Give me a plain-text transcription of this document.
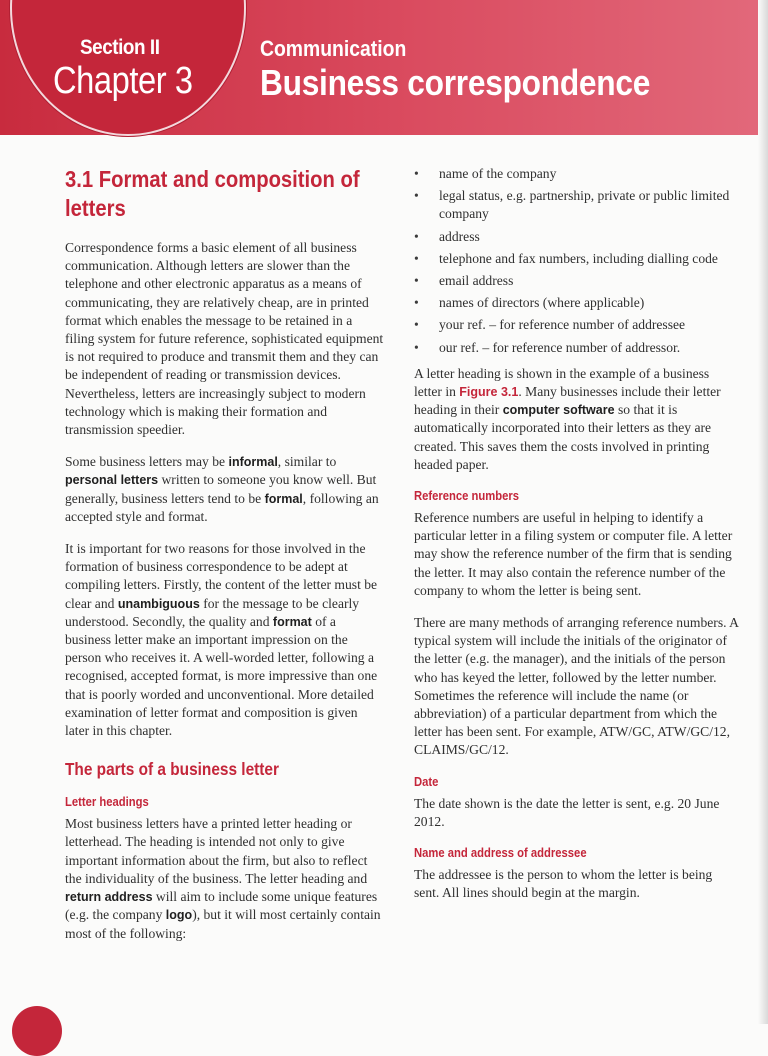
Section II
Chapter 3
Communication
Business correspondence
3.1 Format and composition of letters

Correspondence forms a basic element of all business communication. Although letters are slower than the telephone and other electronic apparatus as a means of communicating, they are relatively cheap, are in printed format which enables the message to be retained in a filing system for future reference, sophisticated equipment is not required to produce and transmit them and they can be independent of reading or transmission devices. Nevertheless, letters are increasingly subject to modern technology which is making their formation and transmission speedier.

Some business letters may be informal, similar to personal letters written to someone you know well. But generally, business letters tend to be formal, following an accepted style and format.

It is important for two reasons for those involved in the formation of business correspondence to be adept at compiling letters. Firstly, the content of the letter must be clear and unambiguous for the message to be clearly understood. Secondly, the quality and format of a business letter make an important impression on the person who receives it. A well-worded letter, following a recognised, accepted format, is more impressive than one that is poorly worded and unconventional. More detailed examination of letter format and composition is given later in this chapter.

The parts of a business letter
Letter headings

Most business letters have a printed letter heading or letterhead. The heading is intended not only to give important information about the firm, but also to reflect the individuality of the business. The letter heading and return address will aim to include some unique features (e.g. the company logo), but it will most certainly contain most of the following:

• name of the company
• legal status, e.g. partnership, private or public limited company
• address
• telephone and fax numbers, including dialling code
• email address
• names of directors (where applicable)
• your ref. – for reference number of addressee
• our ref. – for reference number of addressor.

A letter heading is shown in the example of a business letter in Figure 3.1. Many businesses include their letter heading in their computer software so that it is automatically incorporated into their letters as they are created. This saves them the costs involved in printing headed paper.

Reference numbers

Reference numbers are useful in helping to identify a particular letter in a filing system or computer file. A letter may show the reference number of the firm that is sending the letter. It may also contain the reference number of the company to whom the letter is being sent.

There are many methods of arranging reference numbers. A typical system will include the initials of the originator of the letter (e.g. the manager), and the initials of the person who has keyed the letter, followed by the letter number. Sometimes the reference will include the name (or abbreviation) of a particular department from which the letter has been sent. For example, ATW/GC, ATW/GC/12, CLAIMS/GC/12.

Date

The date shown is the date the letter is sent, e.g. 20 June 2012.

Name and address of addressee

The addressee is the person to whom the letter is being sent. All lines should begin at the margin.
